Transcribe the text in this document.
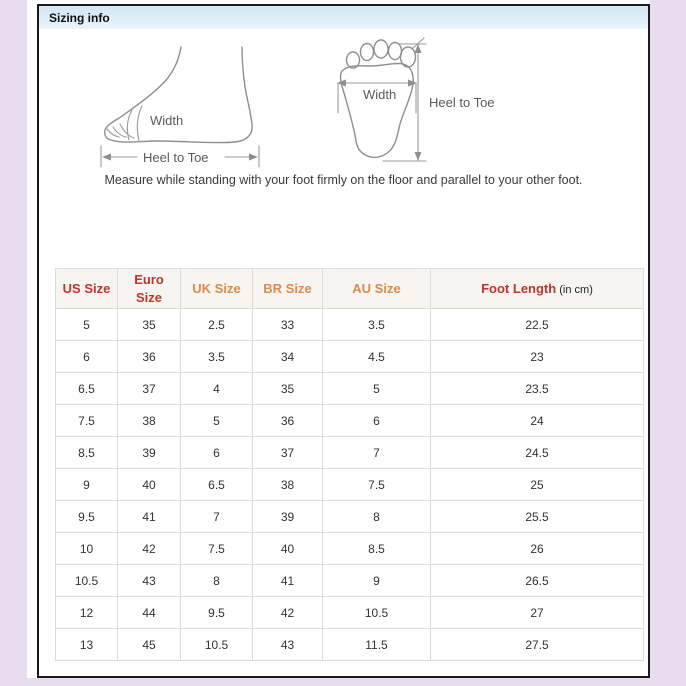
Sizing info
Width
Heel to Toe
Width
Heel to Toe
Measure while standing with your foot firmly on the floor and parallel to your other foot.
US Size	Euro Size	UK Size	BR Size	AU Size	Foot Length (in cm)
5	35	2.5	33	3.5	22.5
6	36	3.5	34	4.5	23
6.5	37	4	35	5	23.5
7.5	38	5	36	6	24
8.5	39	6	37	7	24.5
9	40	6.5	38	7.5	25
9.5	41	7	39	8	25.5
10	42	7.5	40	8.5	26
10.5	43	8	41	9	26.5
12	44	9.5	42	10.5	27
13	45	10.5	43	11.5	27.5
